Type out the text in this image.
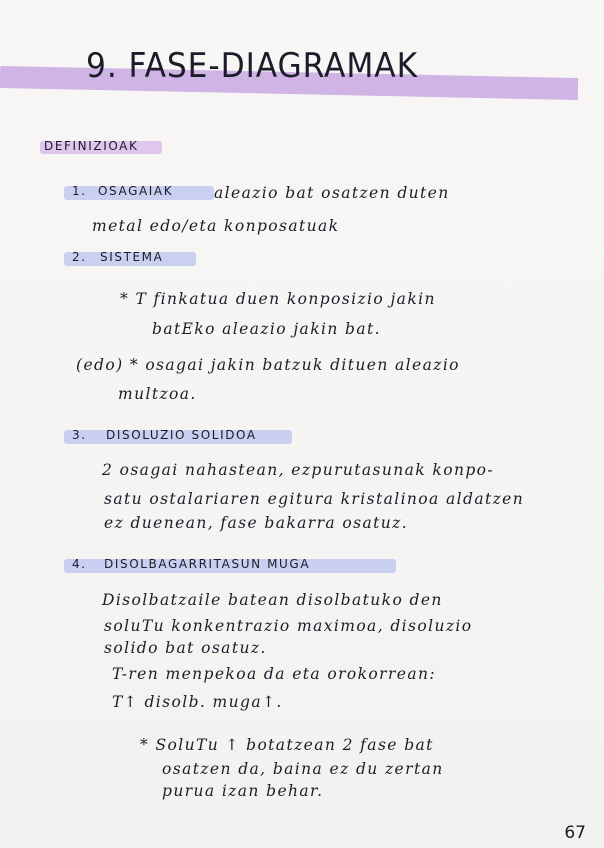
9. FASE-DIAGRAMAK
DEFINIZIOAK
1. OSAGAIAK	aleazio bat osatzen duten
metal edo/eta konposatuak
2. SISTEMA
* T finkatua duen konposizio jakin
batEko aleazio jakin bat.
(edo) * osagai jakin batzuk dituen aleazio
multzoa.
3. DISOLUZIO SOLIDOA
2 osagai nahastean, ezpurutasunak konpo-
satu ostalariaren egitura kristalinoa aldatzen
ez duenean, fase bakarra osatuz.
4. DISOLBAGARRITASUN MUGA
Disolbatzaile batean disolbatuko den
soluTu konkentrazio maximoa, disoluzio
solido bat osatuz.
T-ren menpekoa da eta orokorrean:
T↑ disolb. muga↑.
* SoluTu ↑ botatzean 2 fase bat
osatzen da, baina ez du zertan
purua izan behar.
67
